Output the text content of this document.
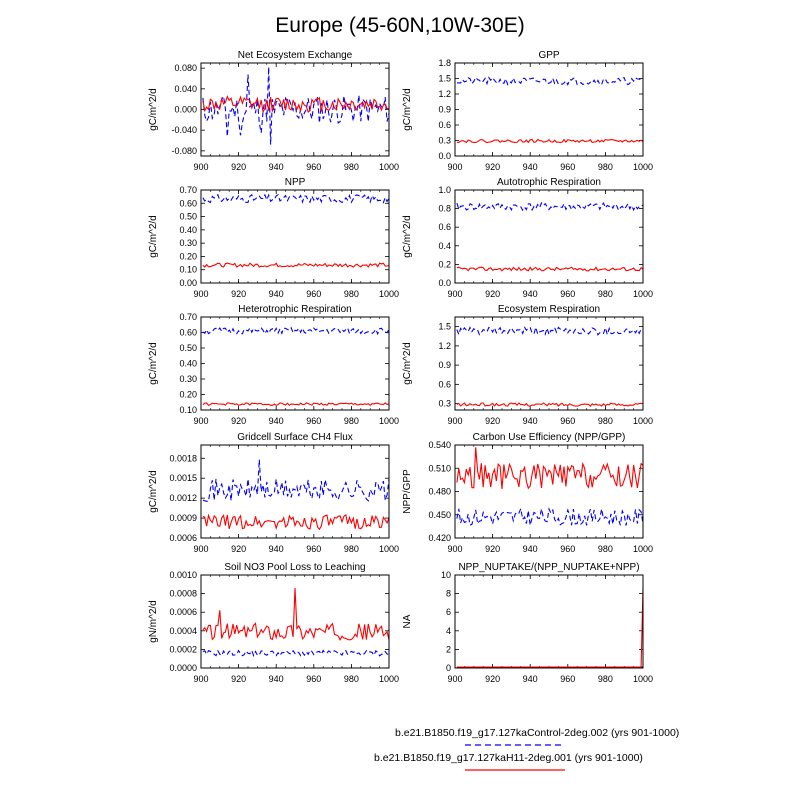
Europe (45-60N,10W-30E)
Net Ecosystem Exchange
gC/m^2/d
900	920	940	960	980 1000
-0.080
-0.040
0.000
0.040
0.080
GPP
gC/m^2/d
900	920	940	960	980 1000
0.0
0.3
0.6
0.9
1.2
1.5
1.8
NPP
gC/m^2/d
900	920	940	960	980 1000
0.00
0.10
0.20
0.30
0.40
0.50
0.60
0.70
Autotrophic Respiration
gC/m^2/d
900	920	940	960	980 1000
0.0
0.2
0.4
0.6
0.8
1.0
Heterotrophic Respiration
gC/m^2/d
900	920	940	960	980 1000
0.10
0.20
0.30
0.40
0.50
0.60
0.70
Ecosystem Respiration
gC/m^2/d
900	920	940	960	980 1000
0.3
0.6
0.9
1.2
1.5
Gridcell Surface CH4 Flux
gC/m^2/d
900	920	940	960	980 1000
0.0006
0.0009
0.0012
0.0015
0.0018
Carbon Use Efficiency (NPP/GPP)
NPP/GPP
900	920	940	960	980 1000
0.420
0.450
0.480
0.510
0.540
Soil NO3 Pool Loss to Leaching
gN/m^2/d
900	920	940	960	980 1000
0.0000
0.0002
0.0004
0.0006
0.0008
0.0010
NPP_NUPTAKE/(NPP_NUPTAKE+NPP)
NA
900	920	940	960	980 1000
0
2
4
6
8
10
b.e21.B1850.f19_g17.127kaControl-2deg.002 (yrs 901-1000)
b.e21.B1850.f19_g17.127kaH11-2deg.001 (yrs 901-1000)
